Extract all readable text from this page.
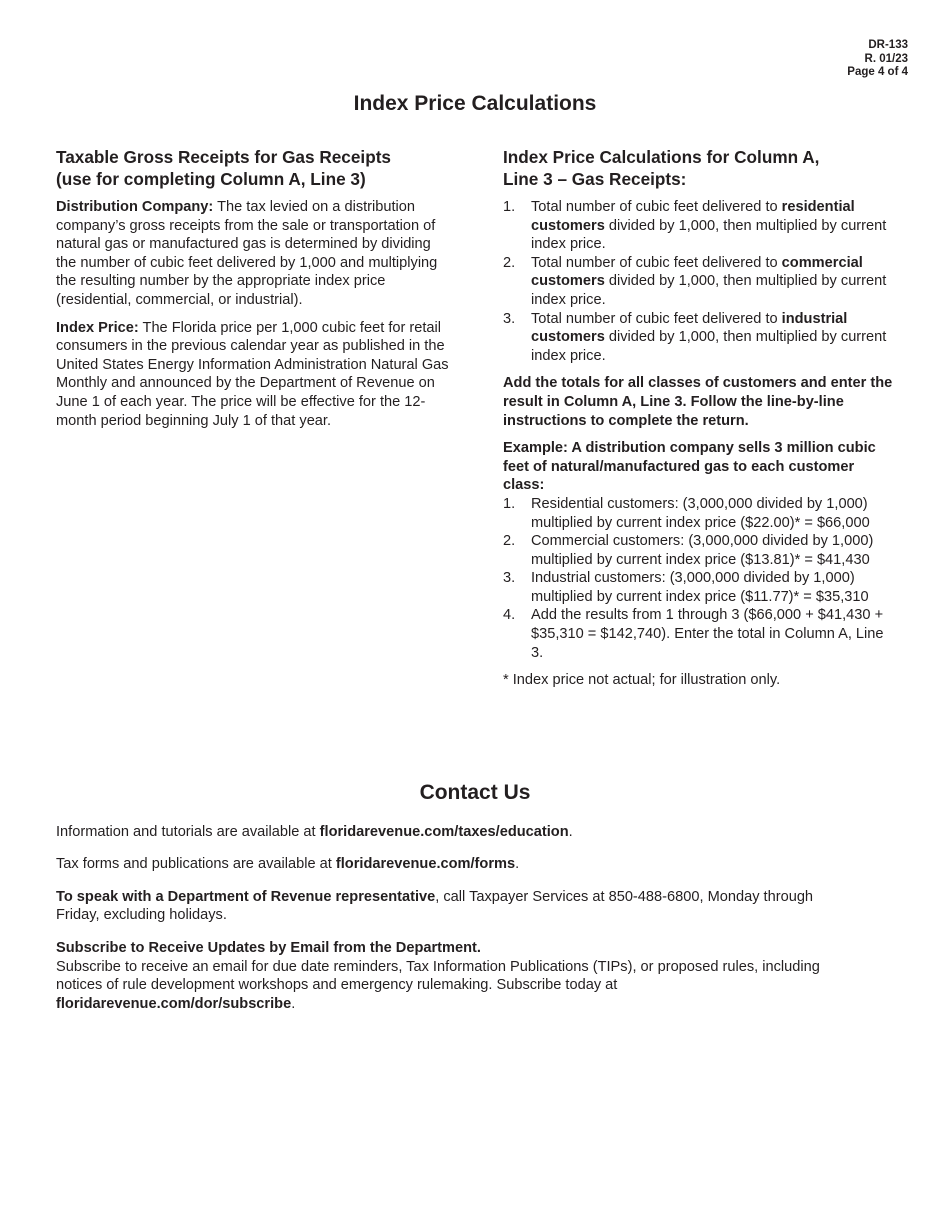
DR-133
R. 01/23
Page 4 of 4
Index Price Calculations
Taxable Gross Receipts for Gas Receipts
(use for completing Column A, Line 3)

Distribution Company: The tax levied on a distribution company’s gross receipts from the sale or transportation of natural gas or manufactured gas is determined by dividing the number of cubic feet delivered by 1,000 and multiplying the resulting number by the appropriate index price (residential, commercial, or industrial).

Index Price: The Florida price per 1,000 cubic feet for retail consumers in the previous calendar year as published in the United States Energy Information Administration Natural Gas Monthly and announced by the Department of Revenue on June 1 of each year. The price will be effective for the 12-month period beginning July 1 of that year.

Index Price Calculations for Column A,
Line 3 – Gas Receipts:
1. Total number of cubic feet delivered to residential customers divided by 1,000, then multiplied by current index price.
2. Total number of cubic feet delivered to commercial customers divided by 1,000, then multiplied by current index price.
3. Total number of cubic feet delivered to industrial customers divided by 1,000, then multiplied by current index price.

Add the totals for all classes of customers and enter the result in Column A, Line 3. Follow the line-by-line instructions to complete the return.

Example: A distribution company sells 3 million cubic feet of natural/manufactured gas to each customer class:

1. Residential customers: (3,000,000 divided by 1,000) multiplied by current index price ($22.00)* = $66,000
2. Commercial customers: (3,000,000 divided by 1,000) multiplied by current index price ($13.81)* = $41,430
3. Industrial customers: (3,000,000 divided by 1,000) multiplied by current index price ($11.77)* = $35,310
4. Add the results from 1 through 3 ($66,000 + $41,430 + $35,310 = $142,740). Enter the total in Column A, Line 3.

* Index price not actual; for illustration only.

Contact Us

Information and tutorials are available at floridarevenue.com/taxes/education.

Tax forms and publications are available at floridarevenue.com/forms.

To speak with a Department of Revenue representative, call Taxpayer Services at 850-488-6800, Monday through Friday, excluding holidays.

Subscribe to Receive Updates by Email from the Department.

Subscribe to receive an email for due date reminders, Tax Information Publications (TIPs), or proposed rules, including notices of rule development workshops and emergency rulemaking. Subscribe today at floridarevenue.com/dor/subscribe.
